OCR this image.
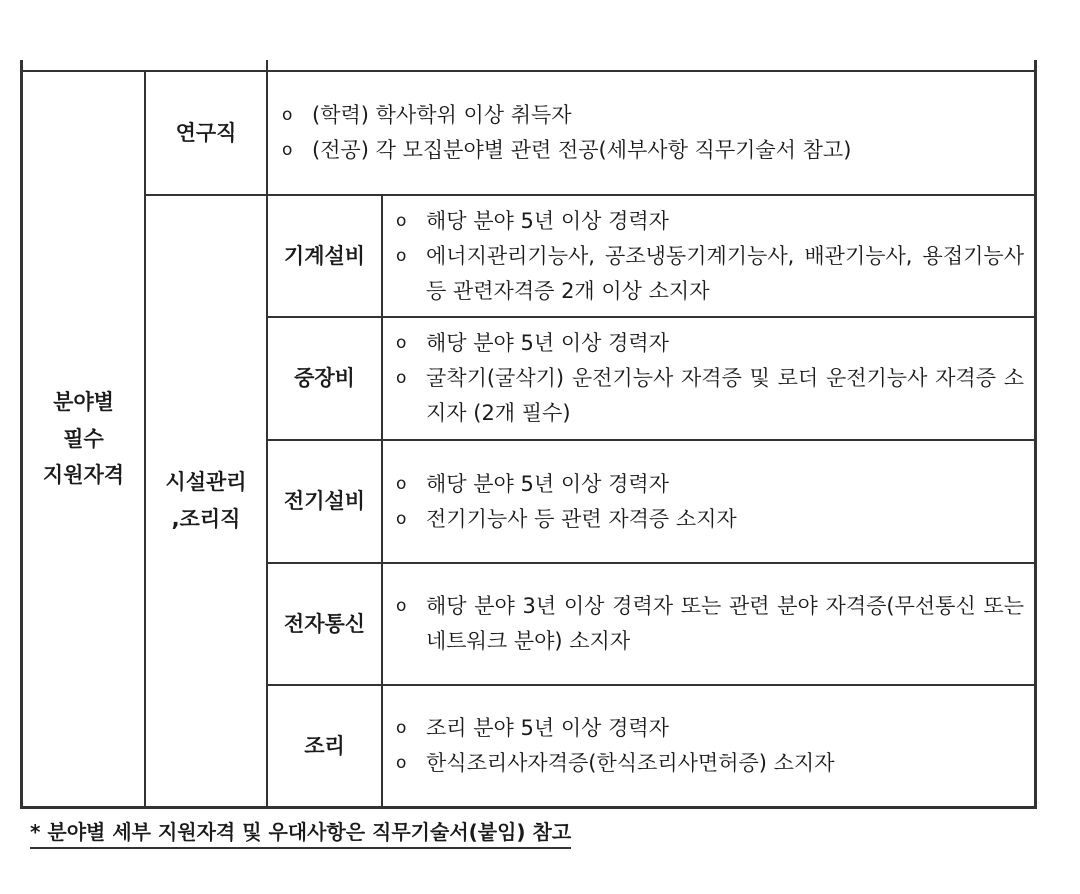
분야별
필수
지원자격
연구직
o (학력) 학사학위 이상 취득자
o (전공) 각 모집분야별 관련 전공(세부사항 직무기술서 참고)
시설관리
,조리직
기계설비
o 해당 분야 5년 이상 경력자
o 에너지관리기능사, 공조냉동기계기능사, 배관기능사, 용접기능사 등 관련자격증 2개 이상 소지자
중장비
o 해당 분야 5년 이상 경력자
o 굴착기(굴삭기) 운전기능사 자격증 및 로더 운전기능사 자격증 소지자 (2개 필수)
전기설비
o 해당 분야 5년 이상 경력자
o 전기기능사 등 관련 자격증 소지자
전자통신
o 해당 분야 3년 이상 경력자 또는 관련 분야 자격증(무선통신 또는 네트워크 분야) 소지자
조리
o 조리 분야 5년 이상 경력자
o 한식조리사자격증(한식조리사면허증) 소지자
* 분야별 세부 지원자격 및 우대사항은 직무기술서(붙임) 참고
